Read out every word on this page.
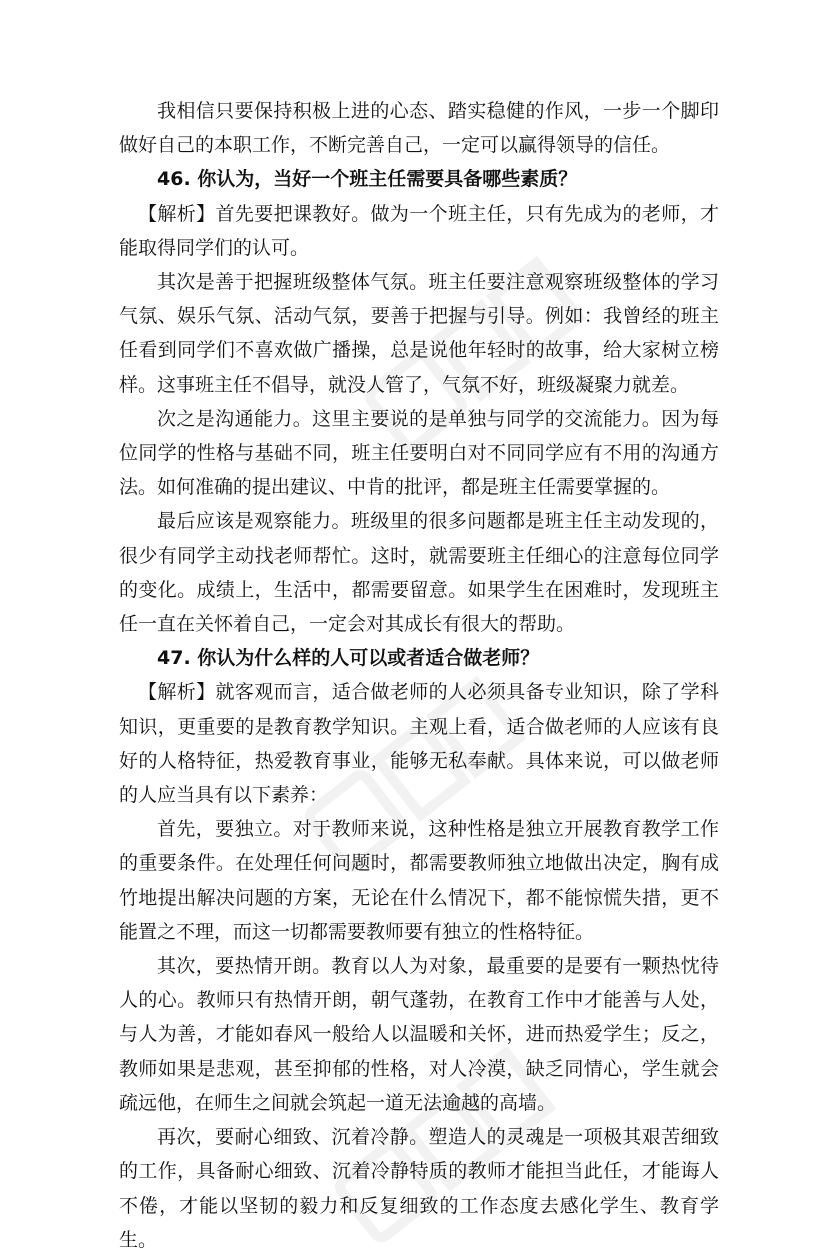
我相信只要保持积极上进的心态、踏实稳健的作风，一步一个脚印做好自己的本职工作，不断完善自己，一定可以赢得领导的信任。

46. 你认为，当好一个班主任需要具备哪些素质？

【解析】首先要把课教好。做为一个班主任，只有先成为的老师，才能取得同学们的认可。

其次是善于把握班级整体气氛。班主任要注意观察班级整体的学习气氛、娱乐气氛、活动气氛，要善于把握与引导。例如：我曾经的班主任看到同学们不喜欢做广播操，总是说他年轻时的故事，给大家树立榜样。这事班主任不倡导，就没人管了，气氛不好，班级凝聚力就差。

次之是沟通能力。这里主要说的是单独与同学的交流能力。因为每位同学的性格与基础不同，班主任要明白对不同同学应有不用的沟通方法。如何准确的提出建议、中肯的批评，都是班主任需要掌握的。

最后应该是观察能力。班级里的很多问题都是班主任主动发现的，很少有同学主动找老师帮忙。这时，就需要班主任细心的注意每位同学的变化。成绩上，生活中，都需要留意。如果学生在困难时，发现班主任一直在关怀着自己，一定会对其成长有很大的帮助。

47. 你认为什么样的人可以或者适合做老师？

【解析】就客观而言，适合做老师的人必须具备专业知识，除了学科知识，更重要的是教育教学知识。主观上看，适合做老师的人应该有良好的人格特征，热爱教育事业，能够无私奉献。具体来说，可以做老师的人应当具有以下素养：

首先，要独立。对于教师来说，这种性格是独立开展教育教学工作的重要条件。在处理任何问题时，都需要教师独立地做出决定，胸有成竹地提出解决问题的方案，无论在什么情况下，都不能惊慌失措，更不能置之不理，而这一切都需要教师要有独立的性格特征。

其次，要热情开朗。教育以人为对象，最重要的是要有一颗热忱待人的心。教师只有热情开朗，朝气蓬勃，在教育工作中才能善与人处，与人为善，才能如春风一般给人以温暖和关怀，进而热爱学生；反之，教师如果是悲观，甚至抑郁的性格，对人冷漠，缺乏同情心，学生就会疏远他，在师生之间就会筑起一道无法逾越的高墙。

再次，要耐心细致、沉着冷静。塑造人的灵魂是一项极其艰苦细致的工作，具备耐心细致、沉着冷静特质的教师才能担当此任，才能诲人不倦，才能以坚韧的毅力和反复细致的工作态度去感化学生、教育学生。
